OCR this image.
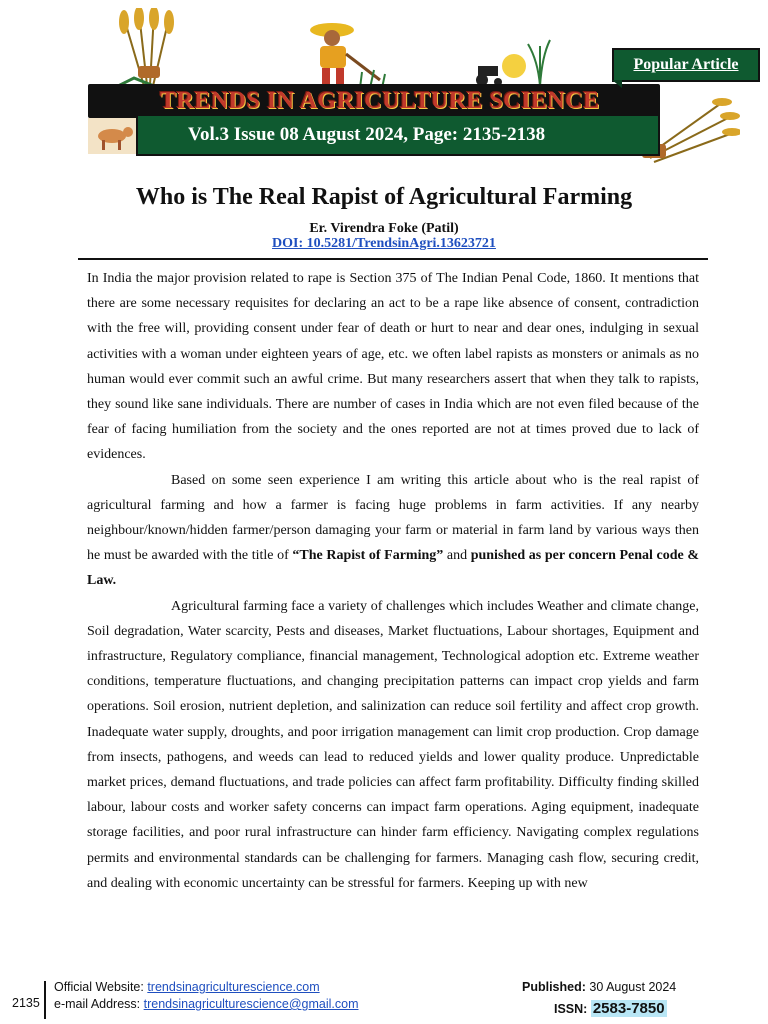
TRENDS IN AGRICULTURE SCIENCE
Vol.3 Issue 08 August 2024, Page: 2135-2138
Popular Article
Who is The Real Rapist of Agricultural Farming
Er. Virendra Foke (Patil)
DOI: 10.5281/TrendsinAgri.13623721

In India the major provision related to rape is Section 375 of The Indian Penal Code, 1860. It mentions that there are some necessary requisites for declaring an act to be a rape like absence of consent, contradiction with the free will, providing consent under fear of death or hurt to near and dear ones, indulging in sexual activities with a woman under eighteen years of age, etc. we often label rapists as monsters or animals as no human would ever commit such an awful crime. But many researchers assert that when they talk to rapists, they sound like sane individuals. There are number of cases in India which are not even filed because of the fear of facing humiliation from the society and the ones reported are not at times proved due to lack of evidences.

Based on some seen experience I am writing this article about who is the real rapist of agricultural farming and how a farmer is facing huge problems in farm activities. If any nearby neighbour/known/hidden farmer/person damaging your farm or material in farm land by various ways then he must be awarded with the title of “The Rapist of Farming” and punished as per concern Penal code & Law.

Agricultural farming face a variety of challenges which includes Weather and climate change, Soil degradation, Water scarcity, Pests and diseases, Market fluctuations, Labour shortages, Equipment and infrastructure, Regulatory compliance, financial management, Technological adoption etc. Extreme weather conditions, temperature fluctuations, and changing precipitation patterns can impact crop yields and farm operations. Soil erosion, nutrient depletion, and salinization can reduce soil fertility and affect crop growth. Inadequate water supply, droughts, and poor irrigation management can limit crop production. Crop damage from insects, pathogens, and weeds can lead to reduced yields and lower quality produce. Unpredictable market prices, demand fluctuations, and trade policies can affect farm profitability. Difficulty finding skilled labour, labour costs and worker safety concerns can impact farm operations. Aging equipment, inadequate storage facilities, and poor rural infrastructure can hinder farm efficiency. Navigating complex regulations permits and environmental standards can be challenging for farmers. Managing cash flow, securing credit, and dealing with economic uncertainty can be stressful for farmers. Keeping up with new

2135
Official Website: trendsinagriculturescience.com
e-mail Address: trendsinagriculturescience@gmail.com
Published: 30 August 2024
ISSN: 2583-7850
